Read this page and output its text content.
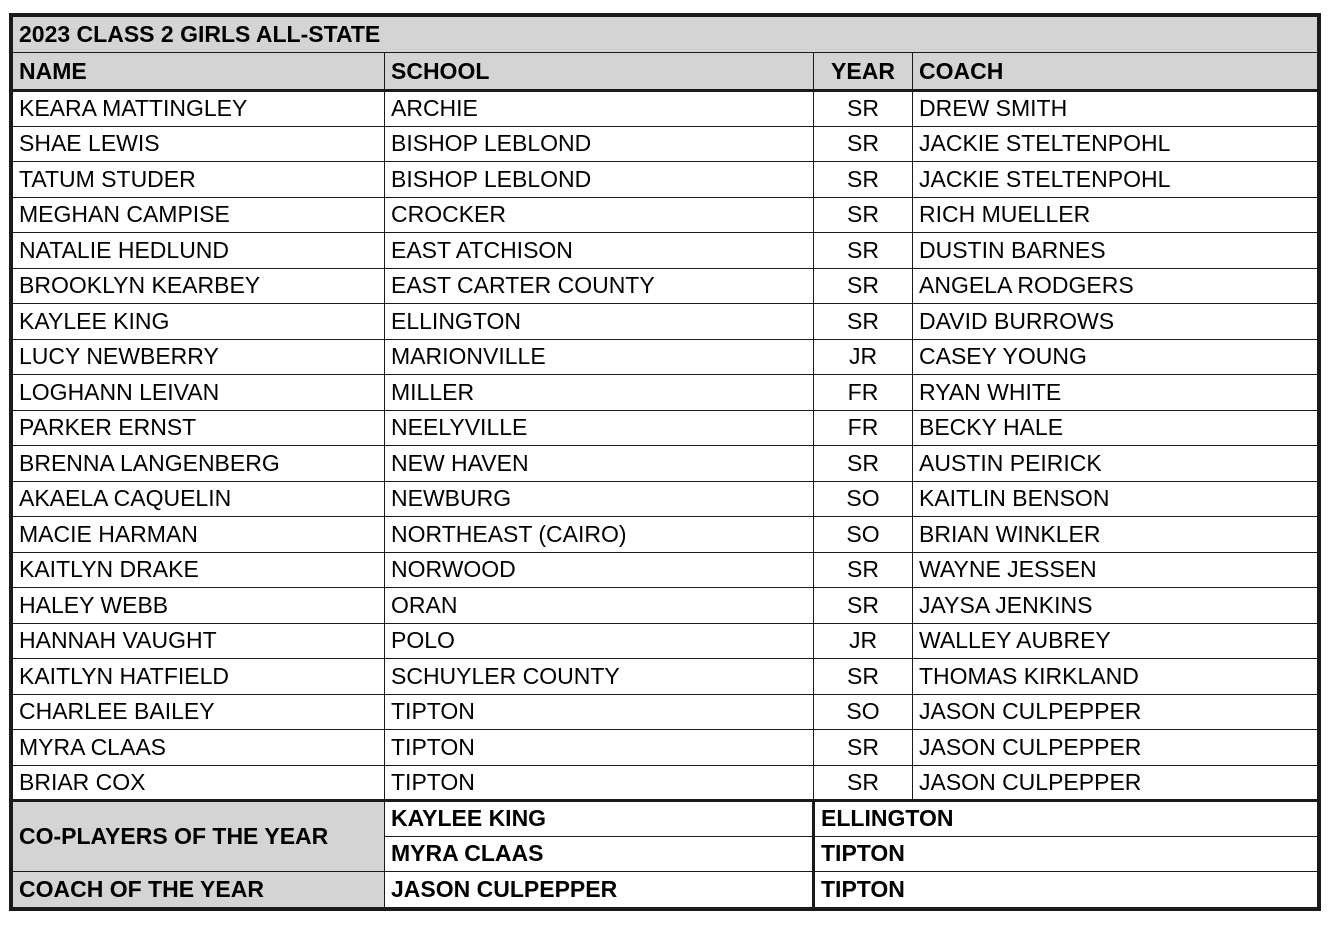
2023 CLASS 2 GIRLS ALL-STATE			
NAME	SCHOOL	YEAR	COACH
KEARA MATTINGLEY	ARCHIE	SR	DREW SMITH
SHAE LEWIS	BISHOP LEBLOND	SR	JACKIE STELTENPOHL
TATUM STUDER	BISHOP LEBLOND	SR	JACKIE STELTENPOHL
MEGHAN CAMPISE	CROCKER	SR	RICH MUELLER
NATALIE HEDLUND	EAST ATCHISON	SR	DUSTIN BARNES
BROOKLYN KEARBEY	EAST CARTER COUNTY	SR	ANGELA RODGERS
KAYLEE KING	ELLINGTON	SR	DAVID BURROWS
LUCY NEWBERRY	MARIONVILLE	JR	CASEY YOUNG
LOGHANN LEIVAN	MILLER	FR	RYAN WHITE
PARKER ERNST	NEELYVILLE	FR	BECKY HALE
BRENNA LANGENBERG	NEW HAVEN	SR	AUSTIN PEIRICK
AKAELA CAQUELIN	NEWBURG	SO	KAITLIN BENSON
MACIE HARMAN	NORTHEAST (CAIRO)	SO	BRIAN WINKLER
KAITLYN DRAKE	NORWOOD	SR	WAYNE JESSEN
HALEY WEBB	ORAN	SR	JAYSA JENKINS
HANNAH VAUGHT	POLO	JR	WALLEY AUBREY
KAITLYN HATFIELD	SCHUYLER COUNTY	SR	THOMAS KIRKLAND
CHARLEE BAILEY	TIPTON	SO	JASON CULPEPPER
MYRA CLAAS	TIPTON	SR	JASON CULPEPPER
BRIAR COX	TIPTON	SR	JASON CULPEPPER
CO-PLAYERS OF THE YEAR	KAYLEE KING	ELLINGTON	
	MYRA CLAAS	TIPTON	
COACH OF THE YEAR	JASON CULPEPPER	TIPTON	
